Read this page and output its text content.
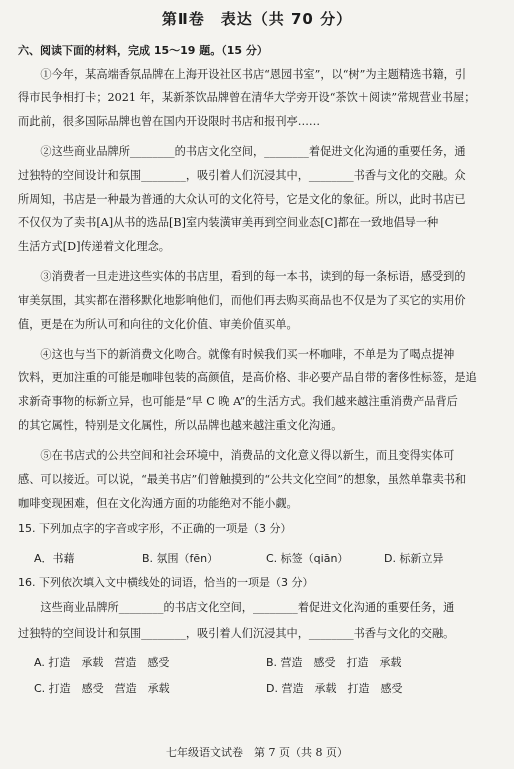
第Ⅱ卷　表达（共 70 分）
六、阅读下面的材料，完成 15～19 题。（15 分）
　　①今年，某高端香氛品牌在上海开设社区书店“恩园书室”，以“树”为主题精选书籍，引
得市民争相打卡；2021 年，某新茶饮品牌曾在清华大学旁开设“茶饮＋阅读”常规营业书屋；
而此前，很多国际品牌也曾在国内开设限时书店和报刊亭……
　　②这些商业品牌所________的书店文化空间，________着促进文化沟通的重要任务，通
过独特的空间设计和氛围________，吸引着人们沉浸其中，________书香与文化的交融。众
所周知，书店是一种最为普通的大众认可的文化符号，它是文化的象征。所以，此时书店已
不仅仅为了卖书[A]从书的选品[B]室内装潢审美再到空间业态[C]都在一致地倡导一种
生活方式[D]传递着文化理念。
　　③消费者一旦走进这些实体的书店里，看到的每一本书，读到的每一条标语，感受到的
审美氛围，其实都在潜移默化地影响他们，而他们再去购买商品也不仅是为了买它的实用价
值，更是在为所认可和向往的文化价值、审美价值买单。
　　④这也与当下的新消费文化吻合。就像有时候我们买一杯咖啡，不单是为了喝点提神
饮料，更加注重的可能是咖啡包装的高颜值，是高价格、非必要产品自带的奢侈性标签，是追
求新奇事物的标新立异，也可能是“早 C 晚 A”的生活方式。我们越来越注重消费产品背后
的其它属性，特别是文化属性，所以品牌也越来越注重文化沟通。
　　⑤在书店式的公共空间和社会环境中，消费品的文化意义得以新生，而且变得实体可
感、可以接近。可以说，“最美书店”们曾触摸到的“公共文化空间”的想象，虽然单靠卖书和
咖啡变现困难，但在文化沟通方面的功能绝对不能小觑。
15. 下列加点字的字音或字形，不正确的一项是（3 分）
A．书藉	B. 氛围（fēn）	C. 标签（qiān）	D. 标新立异
16. 下列依次填入文中横线处的词语，恰当的一项是（3 分）
　　这些商业品牌所________的书店文化空间，________着促进文化沟通的重要任务，通
过独特的空间设计和氛围________，吸引着人们沉浸其中，________书香与文化的交融。
A. 打造　承载　营造　感受	B. 营造　感受　打造　承载
C. 打造　感受　营造　承载	D. 营造　承载　打造　感受
七年级语文试卷　第 7 页（共 8 页）
